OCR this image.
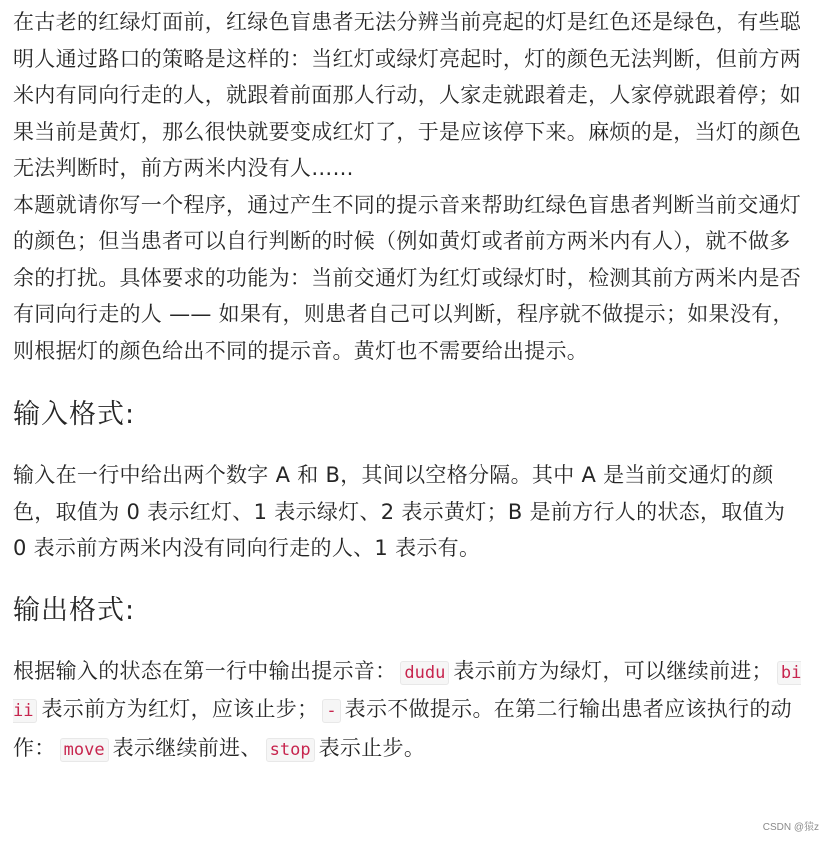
在古老的红绿灯面前，红绿色盲患者无法分辨当前亮起的灯是红色还是绿色，有些聪明人通过路口的策略是这样的：当红灯或绿灯亮起时，灯的颜色无法判断，但前方两米内有同向行走的人，就跟着前面那人行动，人家走就跟着走，人家停就跟着停；如果当前是黄灯，那么很快就要变成红灯了，于是应该停下来。麻烦的是，当灯的颜色无法判断时，前方两米内没有人……

本题就请你写一个程序，通过产生不同的提示音来帮助红绿色盲患者判断当前交通灯的颜色；但当患者可以自行判断的时候（例如黄灯或者前方两米内有人），就不做多余的打扰。具体要求的功能为：当前交通灯为红灯或绿灯时，检测其前方两米内是否有同向行走的人 —— 如果有，则患者自己可以判断，程序就不做提示；如果没有，则根据灯的颜色给出不同的提示音。黄灯也不需要给出提示。

输入格式:

输入在一行中给出两个数字 A 和 B，其间以空格分隔。其中 A 是当前交通灯的颜色，取值为 0 表示红灯、1 表示绿灯、2 表示黄灯；B 是前方行人的状态，取值为 0 表示前方两米内没有同向行走的人、1 表示有。

输出格式:

根据输入的状态在第一行中输出提示音： dudu 表示前方为绿灯，可以继续前进； biii 表示前方为红灯，应该止步； - 表示不做提示。在第二行输出患者应该执行的动作： move 表示继续前进、 stop 表示止步。

CSDN @猿z
